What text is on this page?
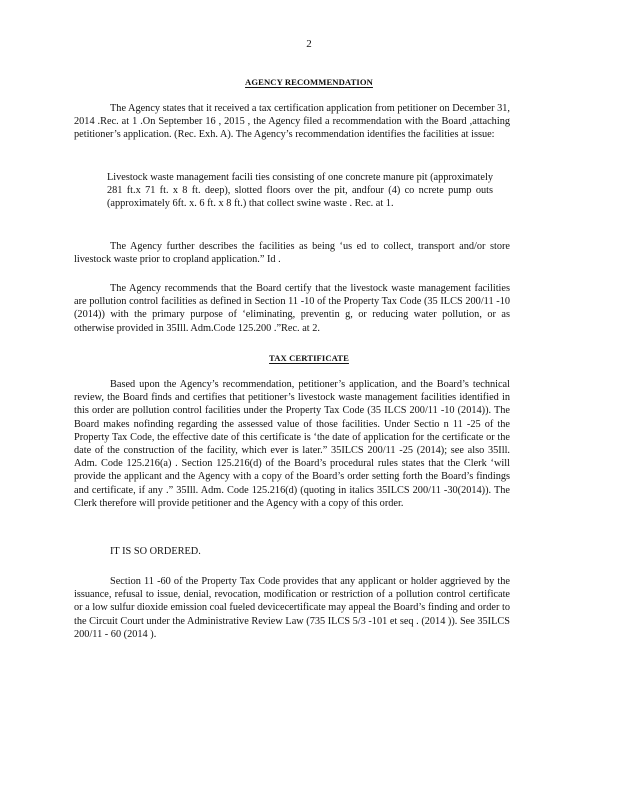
2
AGENCY RECOMMENDATION

The Agency states that it received a tax certification application from petitioner on December 31, 2014 .Rec. at 1 .On September 16 , 2015 , the Agency filed a recommendation with the Board ,attaching petitioner’s application. (Rec. Exh. A). The Agency’s recommendation identifies the facilities at issue:

Livestock waste management facili ties consisting of one concrete manure pit (approximately 281 ft.x 71 ft. x 8 ft. deep), slotted floors over the pit, andfour (4) co ncrete pump outs (approximately 6ft. x. 6 ft. x 8 ft.) that collect swine waste . Rec. at 1.

The Agency further describes the facilities as being ‘us ed to collect, transport and/or store livestock waste prior to cropland application.” Id .

The Agency recommends that the Board certify that the livestock waste management facilities are pollution control facilities as defined in Section 11 -10 of the Property Tax Code (35 ILCS 200/11 -10 (2014)) with the primary purpose of ‘eliminating, preventin g, or reducing water pollution, or as otherwise provided in 35Ill. Adm.Code 125.200 .”Rec. at 2.

TAX CERTIFICATE

Based upon the Agency’s recommendation, petitioner’s application, and the Board’s technical review, the Board finds and certifies that petitioner’s livestock waste management facilities identified in this order are pollution control facilities under the Property Tax Code (35 ILCS 200/11 -10 (2014)). The Board makes nofinding regarding the assessed value of those facilities. Under Sectio n 11 -25 of the Property Tax Code, the effective date of this certificate is ‘the date of application for the certificate or the date of the construction of the facility, which ever is later.” 35ILCS 200/11 -25 (2014); see also 35Ill. Adm. Code 125.216(a) . Section 125.216(d) of the Board’s procedural rules states that the Clerk ‘will provide the applicant and the Agency with a copy of the Board’s order setting forth the Board’s findings and certificate, if any .” 35Ill. Adm. Code 125.216(d) (quoting in italics 35ILCS 200/11 -30(2014)). The Clerk therefore will provide petitioner and the Agency with a copy of this order.

IT IS SO ORDERED.

Section 11 -60 of the Property Tax Code provides that any applicant or holder aggrieved by the issuance, refusal to issue, denial, revocation, modification or restriction of a pollution control certificate or a low sulfur dioxide emission coal fueled devicecertificate may appeal the Board’s finding and order to the Circuit Court under the Administrative Review Law (735 ILCS 5/3 -101 et seq . (2014 )). See 35ILCS 200/11 - 60 (2014 ).
